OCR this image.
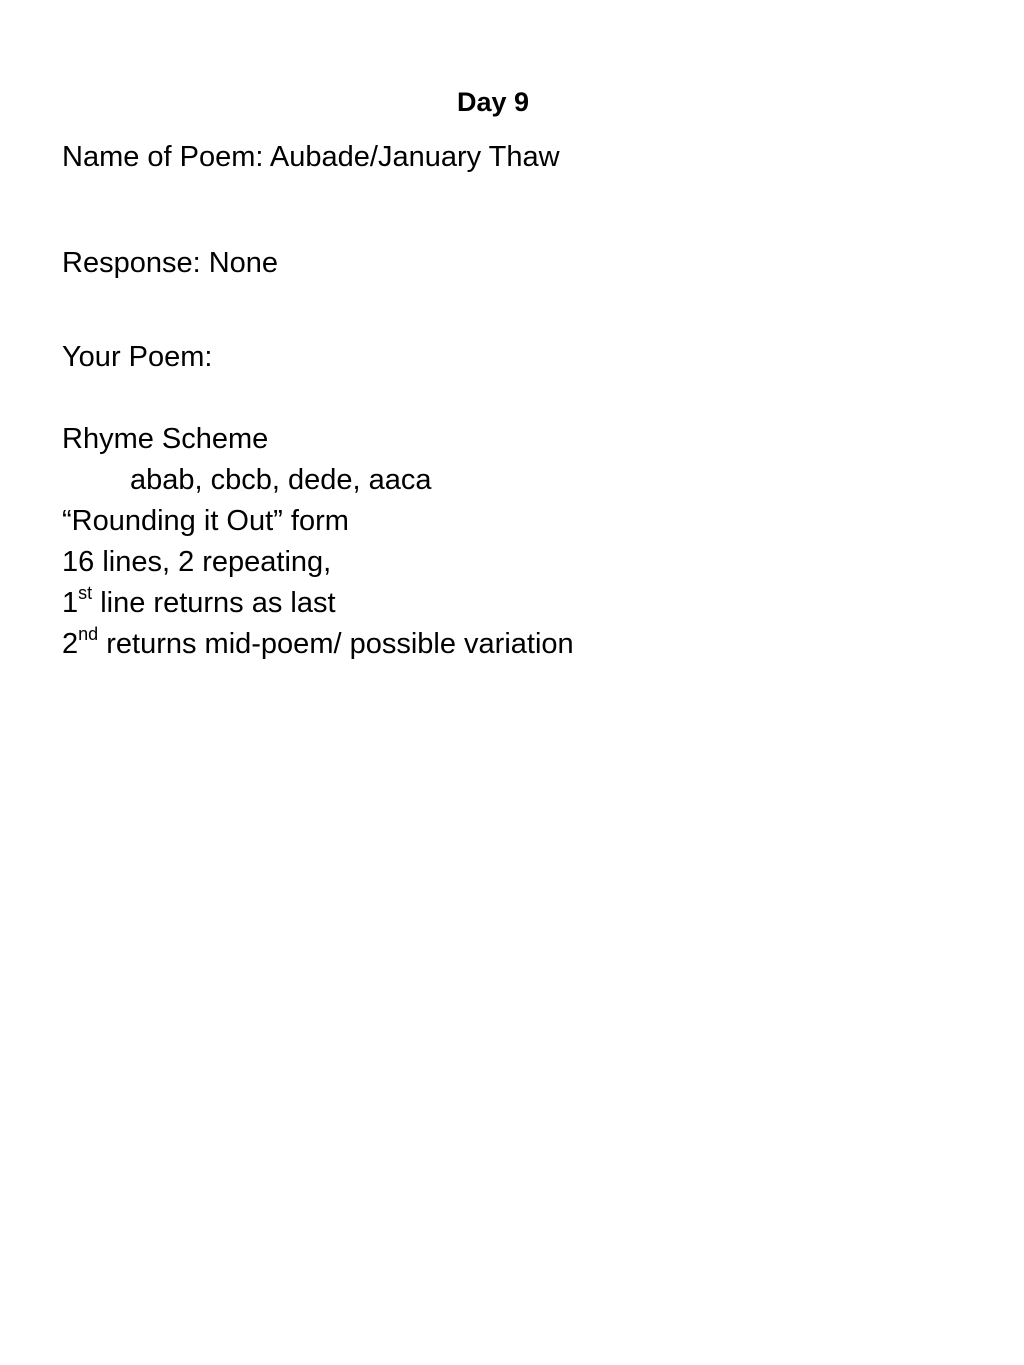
Day 9
Name of Poem: Aubade/January Thaw
Response: None
Your Poem:
Rhyme Scheme
abab, cbcb, dede, aaca
“Rounding it Out” form
16 lines, 2 repeating,
1st line returns as last
2nd returns mid-poem/ possible variation
